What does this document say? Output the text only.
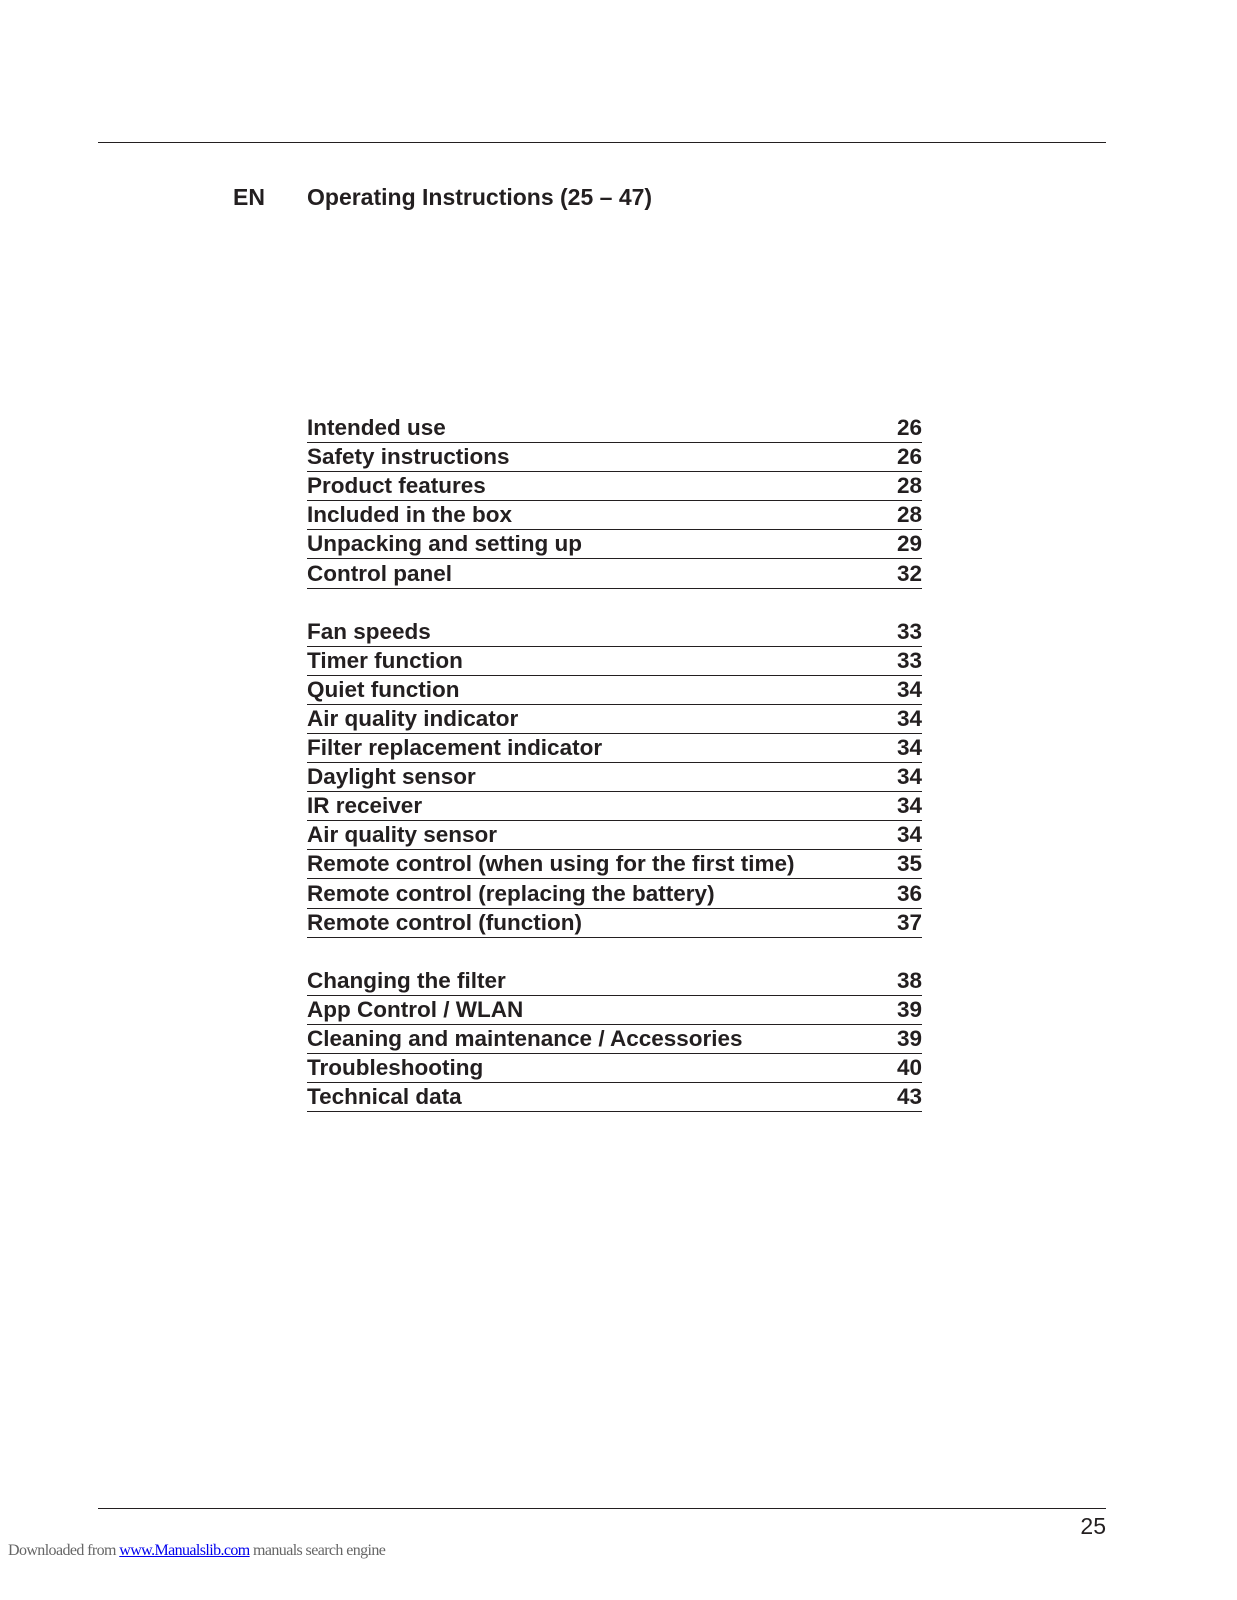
EN Operating Instructions (25 – 47)
Intended use	26
Safety instructions	26
Product features	28
Included in the box	28
Unpacking and setting up	29
Control panel	32
Fan speeds	33
Timer function	33
Quiet function	34
Air quality indicator	34
Filter replacement indicator	34
Daylight sensor	34
IR receiver	34
Air quality sensor	34
Remote control (when using for the first time)	35
Remote control (replacing the battery)	36
Remote control (function)	37
Changing the filter	38
App Control / WLAN	39
Cleaning and maintenance / Accessories	39
Troubleshooting	40
Technical data	43
25
Downloaded from www.Manualslib.com manuals search engine
